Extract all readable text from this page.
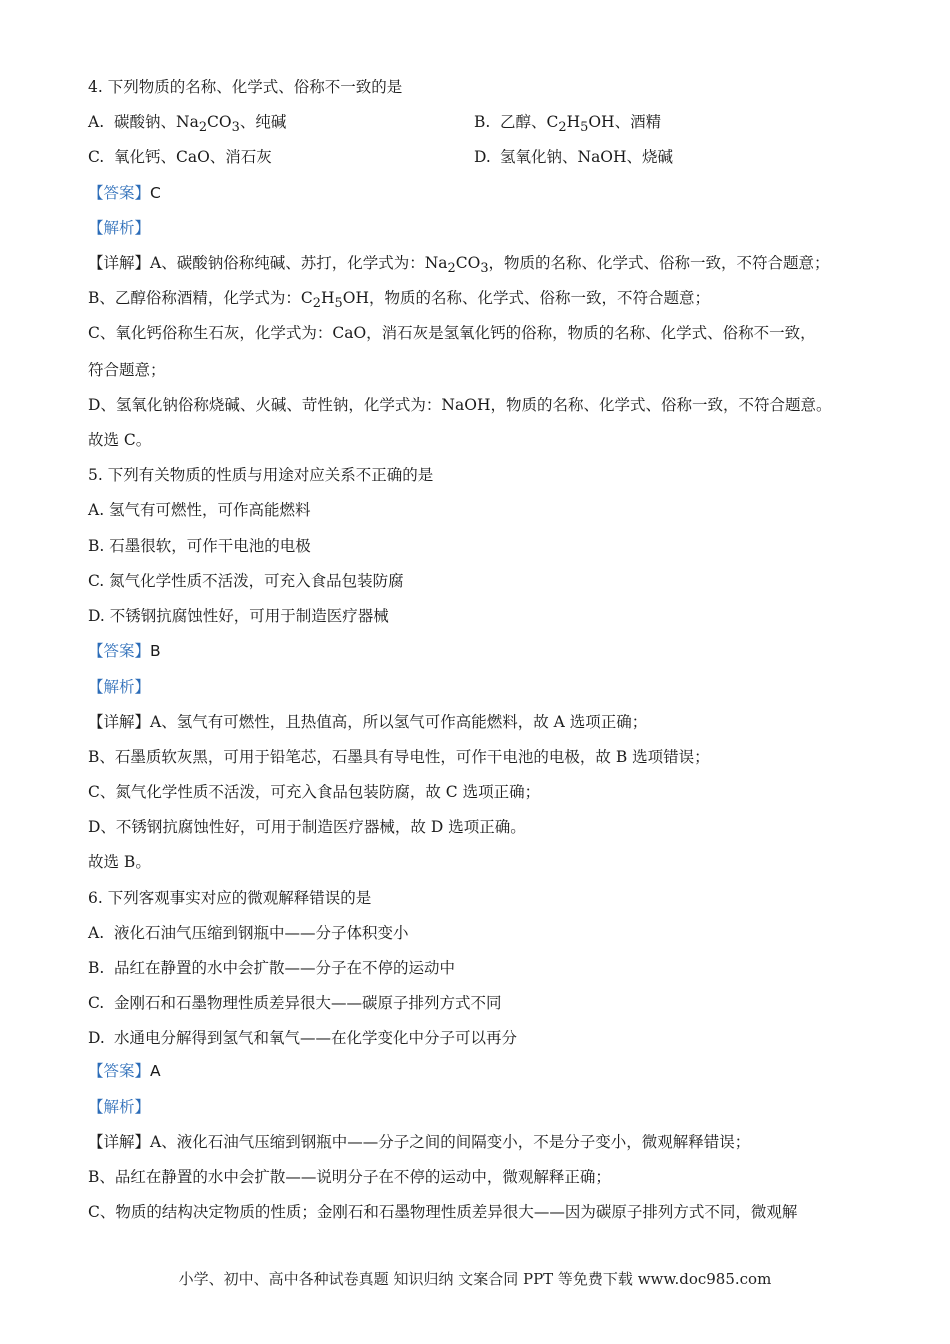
4. 下列物质的名称、化学式、俗称不一致的是
A. 碳酸钠、$Na_2CO_3$、纯碱	B. 乙醇、$C_2H_5OH$、酒精
C. 氧化钙、CaO、消石灰	D. 氢氧化钠、NaOH、烧碱
【答案】C
【解析】
【详解】A、碳酸钠俗称纯碱、苏打，化学式为：$Na_2CO_3$，物质的名称、化学式、俗称一致，不符合题意；
B、乙醇俗称酒精，化学式为：$C_2H_5OH$，物质的名称、化学式、俗称一致，不符合题意；
C、氧化钙俗称生石灰，化学式为：CaO，消石灰是氢氧化钙的俗称，物质的名称、化学式、俗称不一致，
符合题意；
D、氢氧化钠俗称烧碱、火碱、苛性钠，化学式为：NaOH，物质的名称、化学式、俗称一致，不符合题意。
故选 C。
5. 下列有关物质的性质与用途对应关系不正确的是
A. 氢气有可燃性，可作高能燃料
B. 石墨很软，可作干电池的电极
C. 氮气化学性质不活泼，可充入食品包装防腐
D. 不锈钢抗腐蚀性好，可用于制造医疗器械
【答案】B
【解析】
【详解】A、氢气有可燃性，且热值高，所以氢气可作高能燃料，故 A 选项正确；
B、石墨质软灰黑，可用于铅笔芯，石墨具有导电性，可作干电池的电极，故 B 选项错误；
C、氮气化学性质不活泼，可充入食品包装防腐，故 C 选项正确；
D、不锈钢抗腐蚀性好，可用于制造医疗器械，故 D 选项正确。
故选 B。
6. 下列客观事实对应的微观解释错误的是
A. 液化石油气压缩到钢瓶中——分子体积变小
B. 品红在静置的水中会扩散——分子在不停的运动中
C. 金刚石和石墨物理性质差异很大——碳原子排列方式不同
D. 水通电分解得到氢气和氧气——在化学变化中分子可以再分
【答案】A
【解析】
【详解】A、液化石油气压缩到钢瓶中——分子之间的间隔变小，不是分子变小，微观解释错误；
B、品红在静置的水中会扩散——说明分子在不停的运动中，微观解释正确；
C、物质的结构决定物质的性质；金刚石和石墨物理性质差异很大——因为碳原子排列方式不同，微观解
小学、初中、高中各种试卷真题 知识归纳 文案合同 PPT 等免费下载 www.doc985.com
